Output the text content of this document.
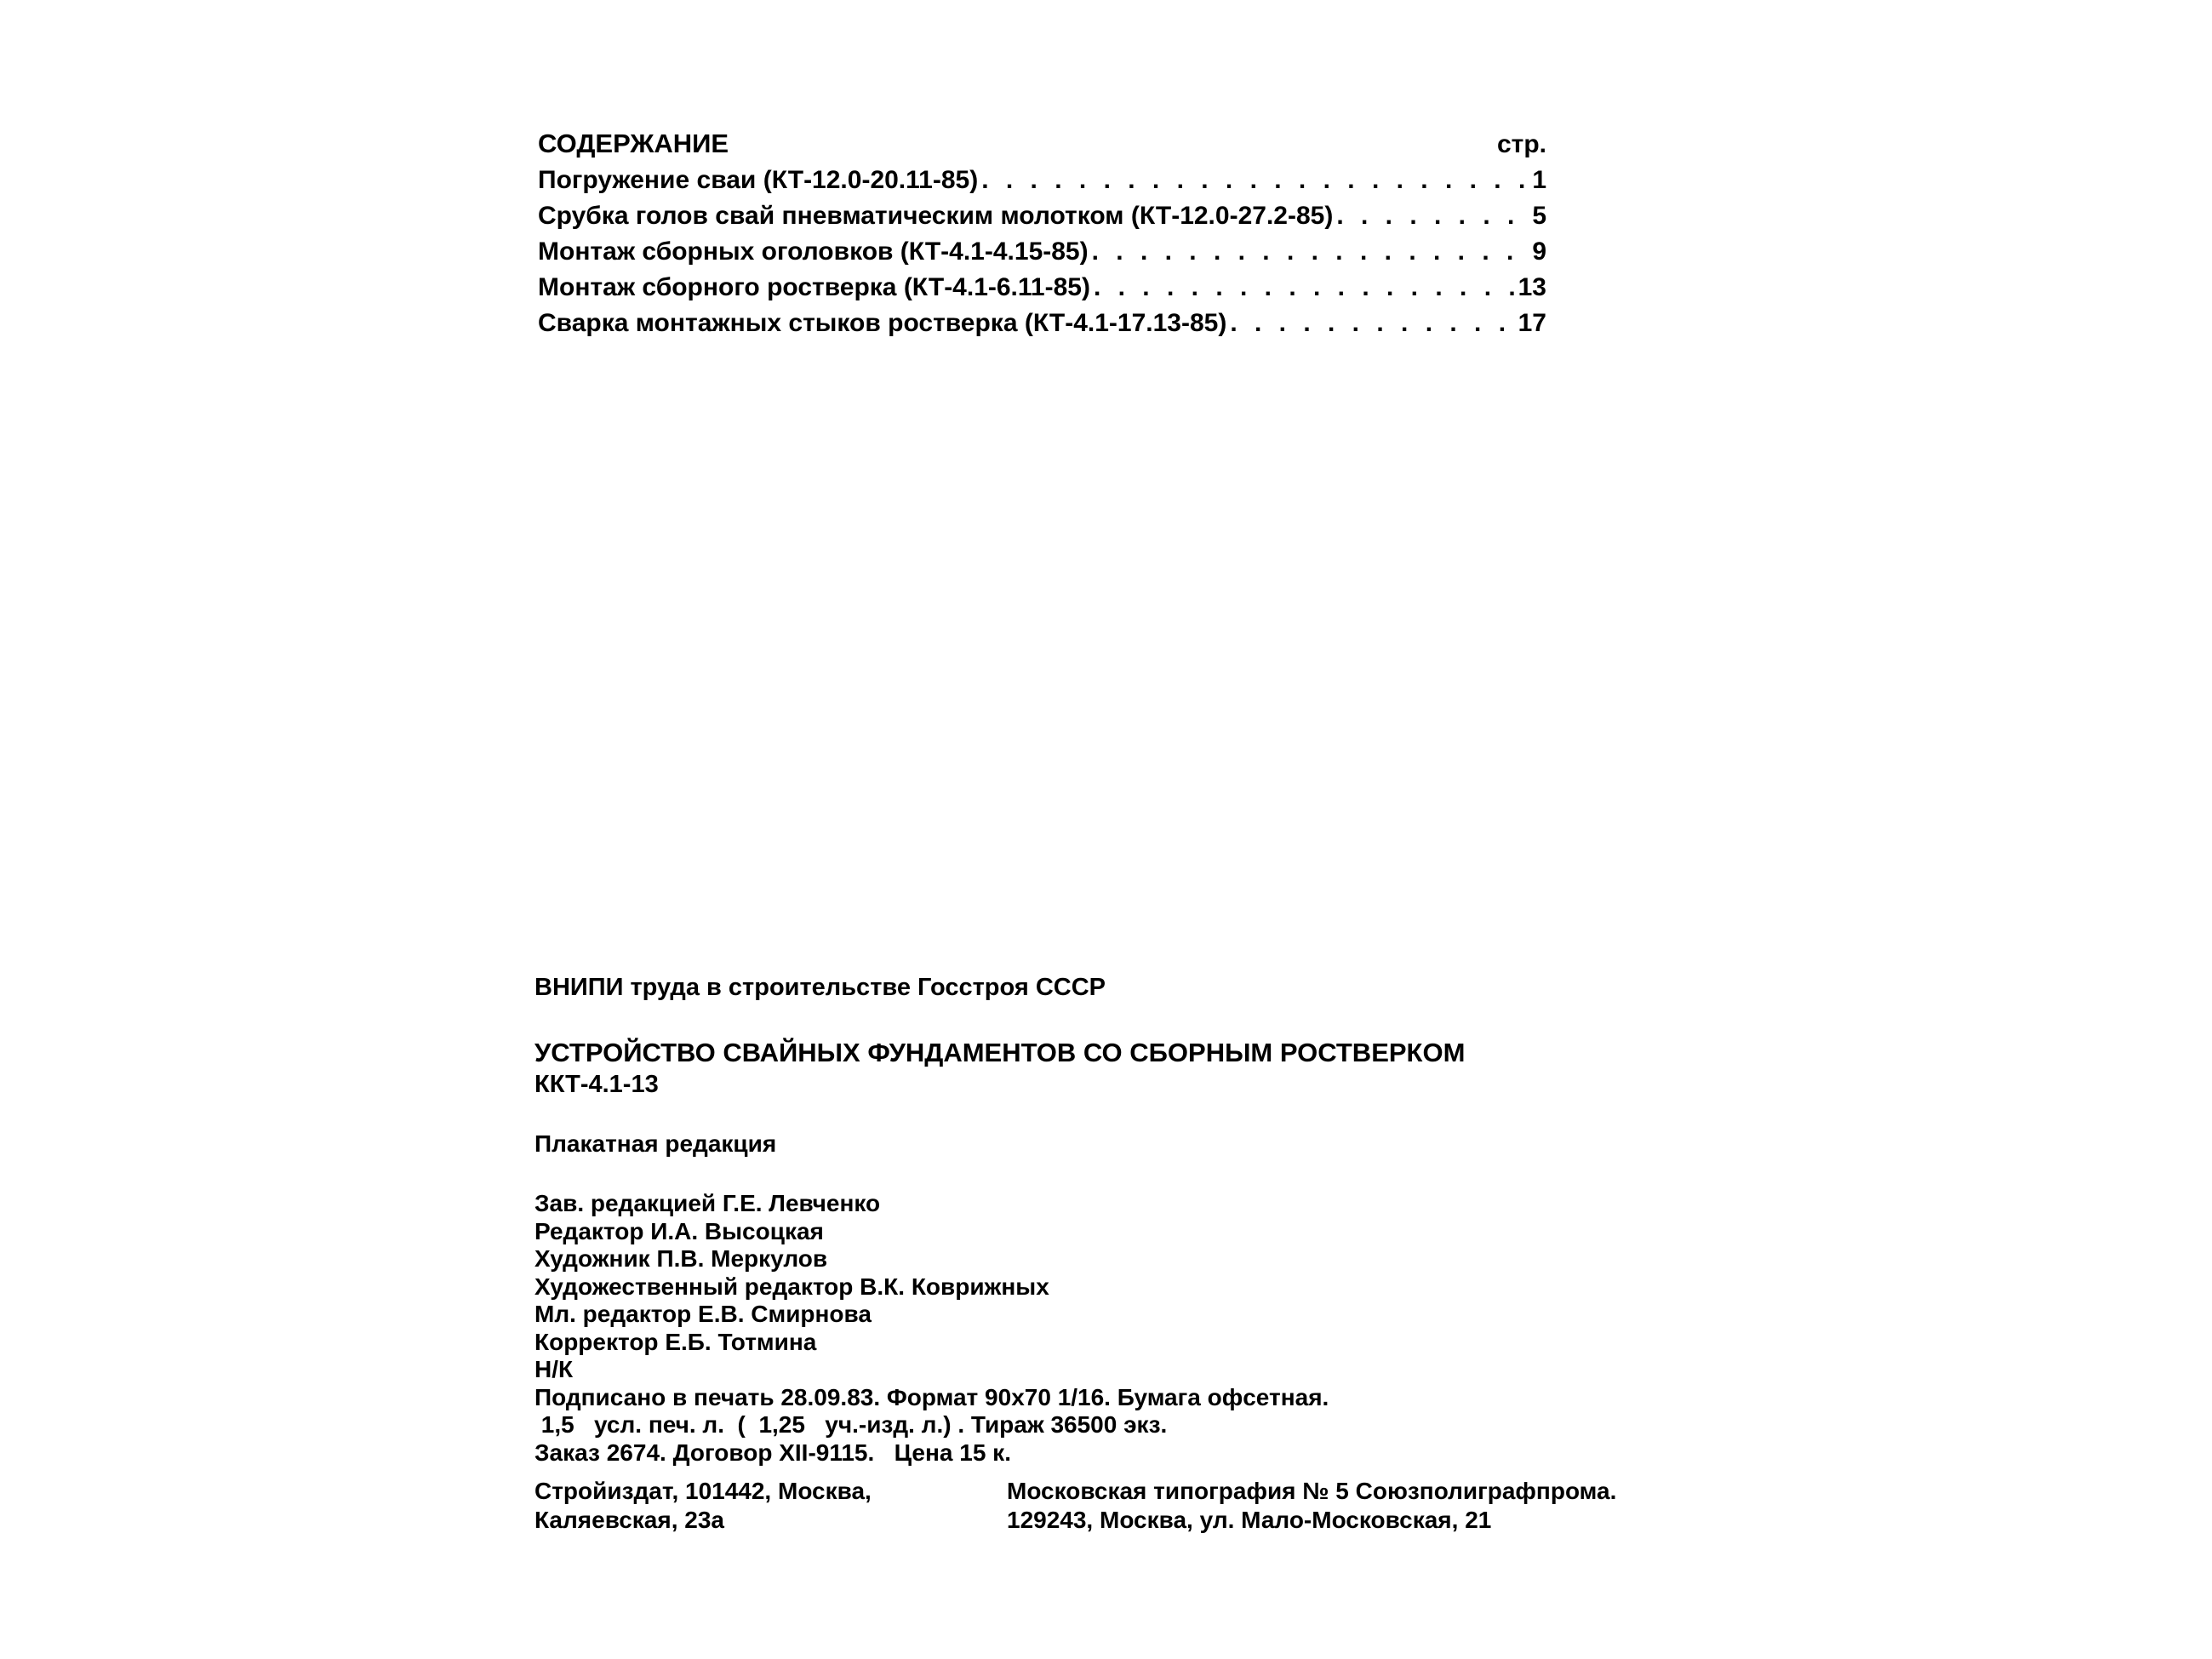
СОДЕРЖАНИЕ	стр.
Погружение сваи (КТ-12.0-20.11-85) . . .	1
Срубка голов свай пневматическим молотком (КТ-12.0-27.2-85) . . .	5
Монтаж сборных оголовков (КТ-4.1-4.15-85) . . .	9
Монтаж сборного ростверка (КТ-4.1-6.11-85) . . .	13
Сварка монтажных стыков ростверка (КТ-4.1-17.13-85) . . .	17
ВНИПИ труда в строительстве Госстроя СССР
УСТРОЙСТВО СВАЙНЫХ ФУНДАМЕНТОВ СО СБОРНЫМ РОСТВЕРКОМ
ККТ-4.1-13
Плакатная редакция
Зав. редакцией Г.Е. Левченко
Редактор И.А. Высоцкая
Художник П.В. Меркулов
Художественный редактор В.К. Коврижных
Мл. редактор Е.В. Смирнова
Корректор Е.Б. Тотмина
Н/К
Подписано в печать 28.09.83. Формат 90х70 1/16. Бумага офсетная.
1,5   усл. печ. л.  (  1,25   уч.-изд. л.) . Тираж 36500 экз.
Заказ 2674. Договор XII-9115.   Цена 15 к.
Стройиздат, 101442, Москва,
Каляевская, 23а
Московская типография № 5 Союзполиграфпрома.
129243, Москва, ул. Мало-Московская, 21
